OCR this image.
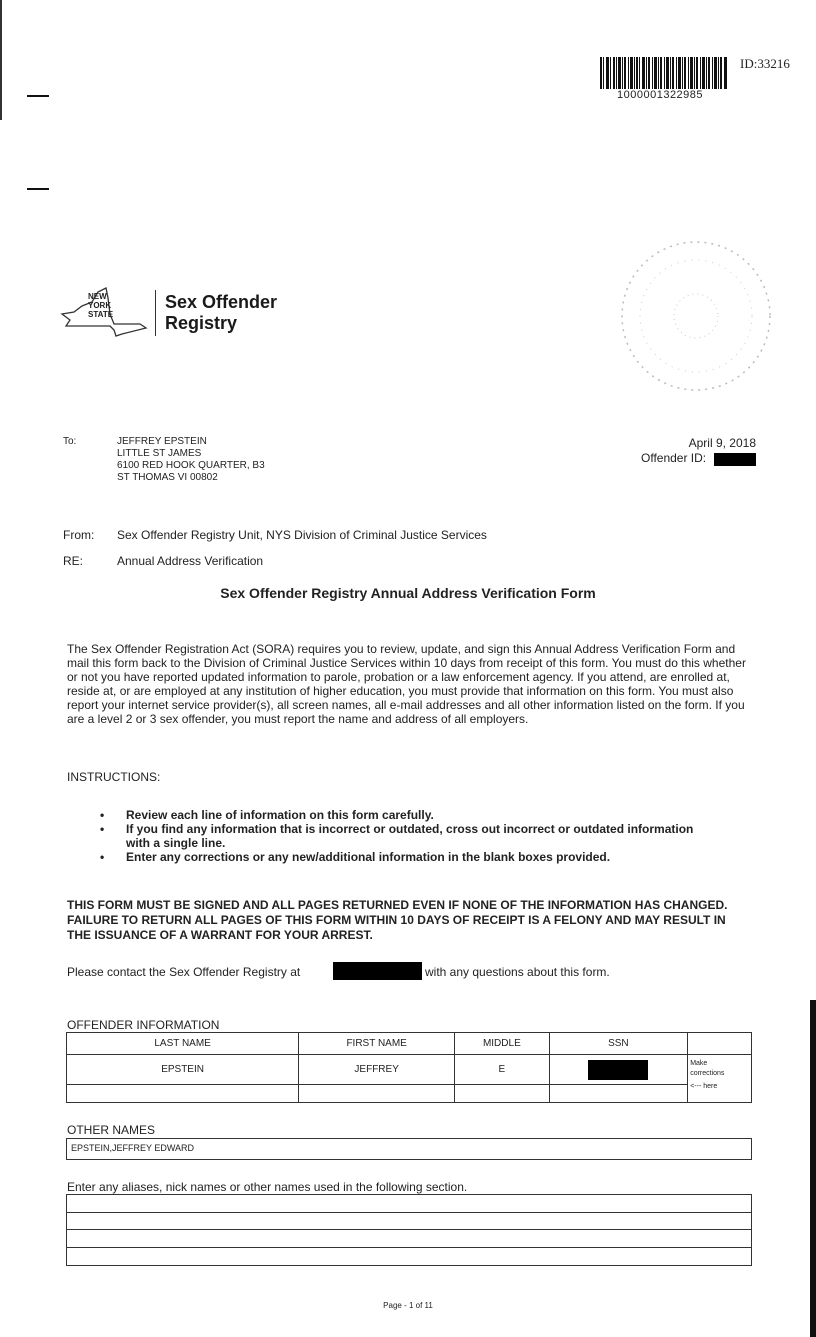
1000001322985
ID:33216
NEW
YORK
STATE
Sex Offender
Registry
To:	JEFFREY EPSTEIN
LITTLE ST JAMES
6100 RED HOOK QUARTER, B3
ST THOMAS VI 00802
April 9, 2018
Offender ID:
From: Sex Offender Registry Unit, NYS Division of Criminal Justice Services
RE:	Annual Address Verification
Sex Offender Registry Annual Address Verification Form
The Sex Offender Registration Act (SORA) requires you to review, update, and sign this Annual Address Verification Form and mail this form back to the Division of Criminal Justice Services within 10 days from receipt of this form. You must do this whether or not you have reported updated information to parole, probation or a law enforcement agency. If you attend, are enrolled at, reside at, or are employed at any institution of higher education, you must provide that information on this form. You must also report your internet service provider(s), all screen names, all e-mail addresses and all other information listed on the form. If you are a level 2 or 3 sex offender, you must report the name and address of all employers.
INSTRUCTIONS:
• Review each line of information on this form carefully.
• If you find any information that is incorrect or outdated, cross out incorrect or outdated information with a single line.
• Enter any corrections or any new/additional information in the blank boxes provided.
THIS FORM MUST BE SIGNED AND ALL PAGES RETURNED EVEN IF NONE OF THE INFORMATION HAS CHANGED. FAILURE TO RETURN ALL PAGES OF THIS FORM WITHIN 10 DAYS OF RECEIPT IS A FELONY AND MAY RESULT IN THE ISSUANCE OF A WARRANT FOR YOUR ARREST.
Please contact the Sex Offender Registry at	with any questions about this form.
OFFENDER INFORMATION
LAST NAME	FIRST NAME	MIDDLE	SSN	
EPSTEIN	JEFFREY	E		Make
corrections
<--- here

OTHER NAMES
EPSTEIN,JEFFREY EDWARD
Enter any aliases, nick names or other names used in the following section.
Page - 1 of 11
